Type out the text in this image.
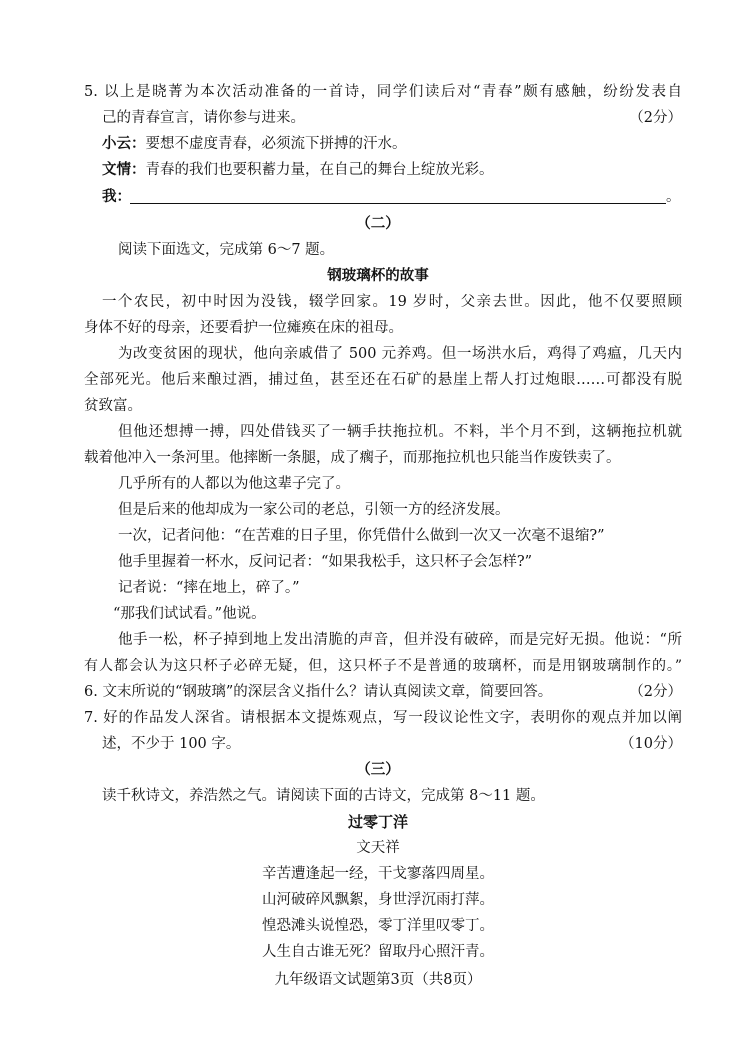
5. 以上是晓菁为本次活动准备的一首诗，同学们读后对“青春”颇有感触，纷纷发表自
己的青春宣言，请你参与进来。	（2分）
小云：要想不虚度青春，必须流下拼搏的汗水。
文情：青春的我们也要积蓄力量，在自己的舞台上绽放光彩。
我：	。
（二）
阅读下面选文，完成第 6～7 题。
钢玻璃杯的故事
一个农民，初中时因为没钱，辍学回家。19 岁时，父亲去世。因此，他不仅要照顾
身体不好的母亲，还要看护一位瘫痪在床的祖母。
为改变贫困的现状，他向亲戚借了 500 元养鸡。但一场洪水后，鸡得了鸡瘟，几天内
全部死光。他后来酿过酒，捕过鱼，甚至还在石矿的悬崖上帮人打过炮眼……可都没有脱
贫致富。
但他还想搏一搏，四处借钱买了一辆手扶拖拉机。不料，半个月不到，这辆拖拉机就
载着他冲入一条河里。他摔断一条腿，成了瘸子，而那拖拉机也只能当作废铁卖了。
几乎所有的人都以为他这辈子完了。
但是后来的他却成为一家公司的老总，引领一方的经济发展。
一次，记者问他：“在苦难的日子里，你凭借什么做到一次又一次毫不退缩?”
他手里握着一杯水，反问记者：“如果我松手，这只杯子会怎样?”
记者说：“摔在地上，碎了。”
“那我们试试看。”他说。
他手一松，杯子掉到地上发出清脆的声音，但并没有破碎，而是完好无损。他说：“所
有人都会认为这只杯子必碎无疑，但，这只杯子不是普通的玻璃杯，而是用钢玻璃制作的。”
6. 文末所说的“钢玻璃”的深层含义指什么？请认真阅读文章，简要回答。	（2分）
7. 好的作品发人深省。请根据本文提炼观点，写一段议论性文字，表明你的观点并加以阐
述，不少于 100 字。	（10分）
（三）
读千秋诗文，养浩然之气。请阅读下面的古诗文，完成第 8～11 题。
过零丁洋
文天祥
辛苦遭逢起一经，干戈寥落四周星。
山河破碎风飘絮，身世浮沉雨打萍。
惶恐滩头说惶恐，零丁洋里叹零丁。
人生自古谁无死？留取丹心照汗青。
九年级语文试题第3页（共8页）
